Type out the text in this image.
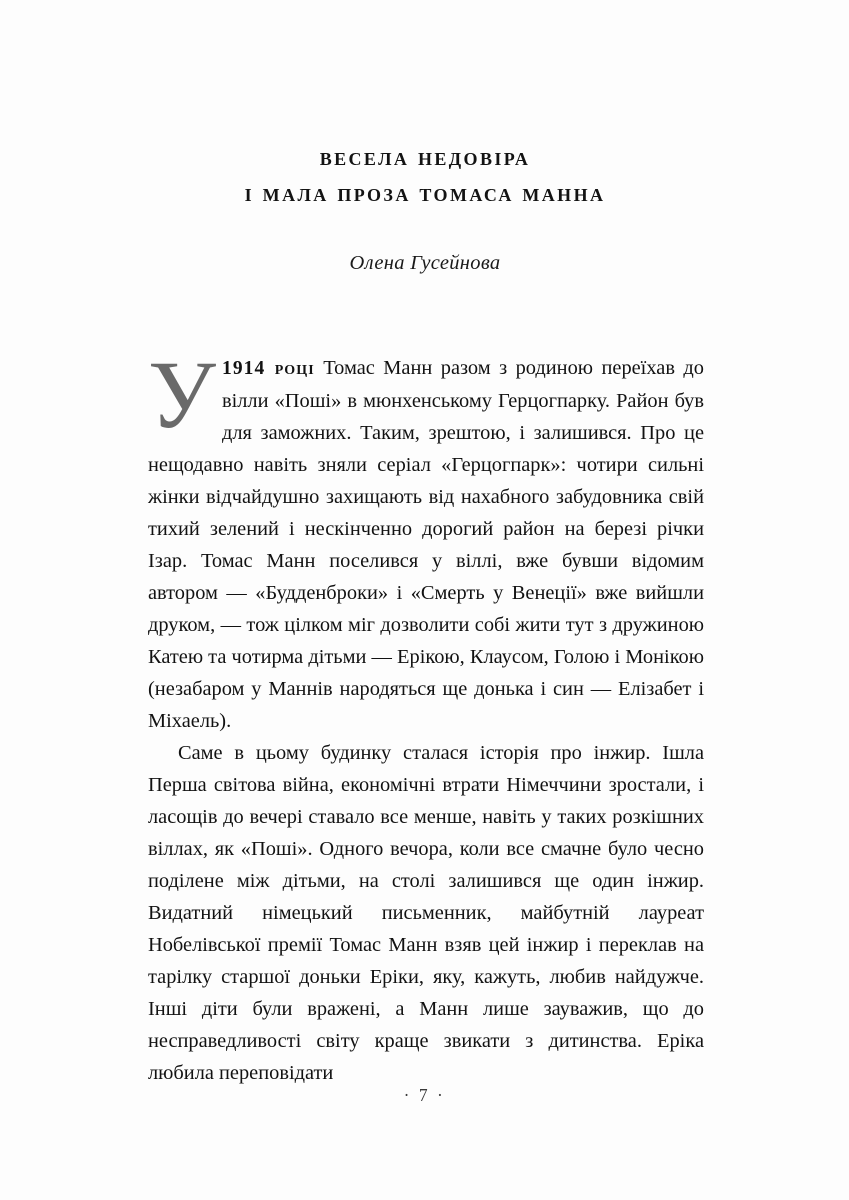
весела недовіра
і мала проза томаса манна

Олена Гусейнова

У 1914 році Томас Манн разом з родиною переїхав до вілли «Поші» в мюнхенському Герцогпарку. Район був для заможних. Таким, зрештою, і залишився. Про це нещодавно навіть зняли серіал «Герцогпарк»: чотири сильні жінки відчайдушно захищають від нахабного забудовника свій тихий зелений і нескінченно дорогий район на березі річки Ізар. Томас Манн поселився у віллі, вже бувши відомим автором — «Будденброки» і «Смерть у Венеції» вже вийшли друком, — тож цілком міг дозволити собі жити тут з дружиною Катею та чотирма дітьми — Ерікою, Клаусом, Голою і Монікою (незабаром у Маннів народяться ще донька і син — Елізабет і Міхаель).

Саме в цьому будинку сталася історія про інжир. Ішла Перша світова війна, економічні втрати Німеччини зростали, і ласощів до вечері ставало все менше, навіть у таких розкішних віллах, як «Поші». Одного вечора, коли все смачне було чесно поділене між дітьми, на столі залишився ще один інжир. Видатний німецький письменник, майбутній лауреат Нобелівської премії Томас Манн взяв цей інжир і переклав на тарілку старшої доньки Еріки, яку, кажуть, любив найдужче. Інші діти були вражені, а Манн лише зауважив, що до несправедливості світу краще звикати з дитинства. Еріка любила переповідати

· 7 ·
